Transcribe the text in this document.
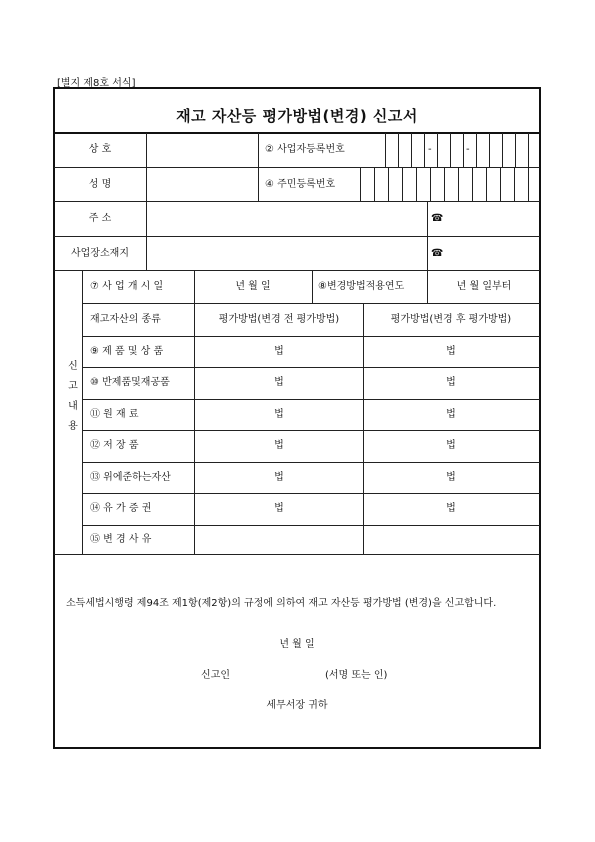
[별지 제8호 서식]
재고 자산등 평가방법(변경) 신고서
상 호	② 사업자등록번호	-	-
성 명	④ 주민등록번호
주 소	☎
사업장소재지	☎
신
고
내
용
⑦ 사 업 개 시 일	년 월 일	⑧변경방법적용연도	년 월 일부터
재고자산의 종류	평가방법(변경 전 평가방법)	평가방법(변경 후 평가방법)
⑨ 제 품 및 상 품	법	법
⑩ 반제품및재공품	법	법
⑪ 원 재 료	법	법
⑫ 저 장 품	법	법
⑬ 위에준하는자산	법	법
⑭ 유 가 증 권	법	법
⑮ 변 경 사 유
소득세법시행령 제94조 제1항(제2항)의 규정에 의하여 재고 자산등 평가방법 (변경)을 신고합니다.
년 월 일
신고인	(서명 또는 인)
세무서장 귀하
